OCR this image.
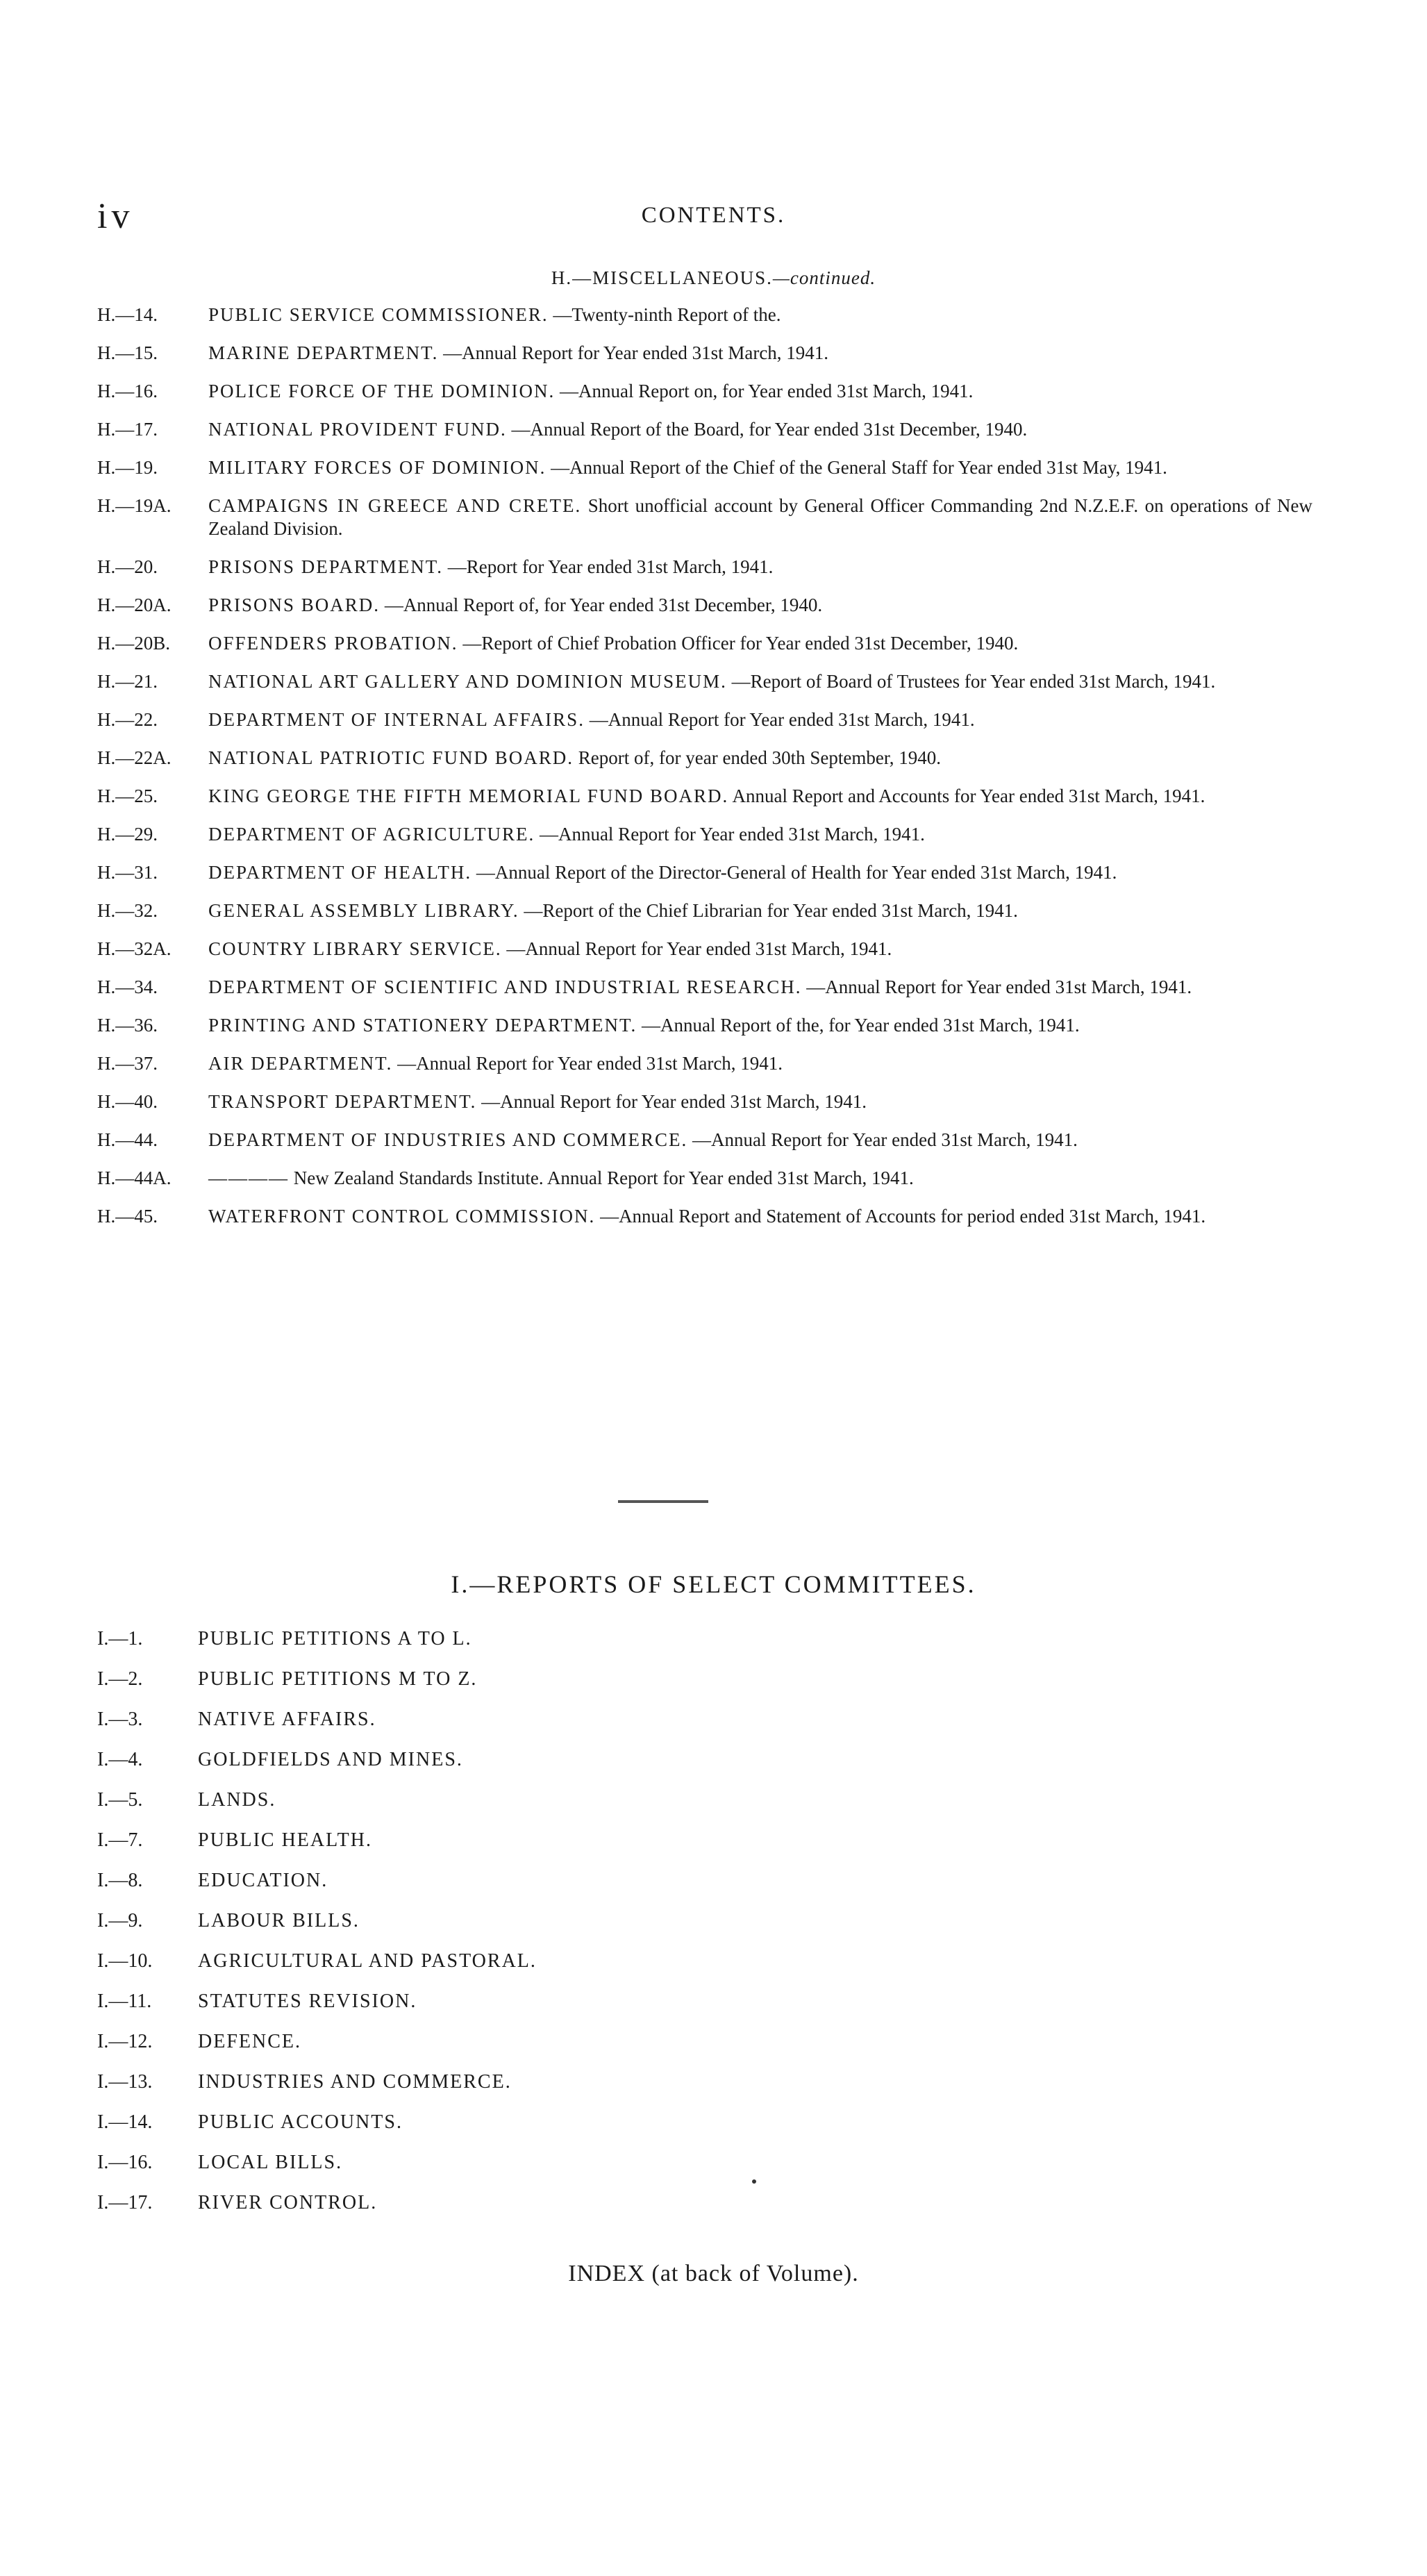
iv	CONTENTS.
H.—MISCELLANEOUS.—continued.
H.—14.	PUBLIC SERVICE COMMISSIONER. —Twenty-ninth Report of the.
H.—15.	MARINE DEPARTMENT. —Annual Report for Year ended 31st March, 1941.
H.—16.	POLICE FORCE OF THE DOMINION. —Annual Report on, for Year ended 31st March, 1941.
H.—17.	NATIONAL PROVIDENT FUND. —Annual Report of the Board, for Year ended 31st December, 1940.
H.—19.	MILITARY FORCES OF DOMINION. —Annual Report of the Chief of the General Staff for Year ended 31st May, 1941.
H.—19A.	CAMPAIGNS IN GREECE AND CRETE. Short unofficial account by General Officer Commanding 2nd N.Z.E.F. on operations of New Zealand Division.
H.—20.	PRISONS DEPARTMENT. —Report for Year ended 31st March, 1941.
H.—20A.	PRISONS BOARD. —Annual Report of, for Year ended 31st December, 1940.
H.—20B.	OFFENDERS PROBATION. —Report of Chief Probation Officer for Year ended 31st December, 1940.
H.—21.	NATIONAL ART GALLERY AND DOMINION MUSEUM. —Report of Board of Trustees for Year ended 31st March, 1941.
H.—22.	DEPARTMENT OF INTERNAL AFFAIRS. —Annual Report for Year ended 31st March, 1941.
H.—22A.	NATIONAL PATRIOTIC FUND BOARD. Report of, for year ended 30th September, 1940.
H.—25.	KING GEORGE THE FIFTH MEMORIAL FUND BOARD. Annual Report and Accounts for Year ended 31st March, 1941.
H.—29.	DEPARTMENT OF AGRICULTURE. —Annual Report for Year ended 31st March, 1941.
H.—31.	DEPARTMENT OF HEALTH. —Annual Report of the Director-General of Health for Year ended 31st March, 1941.
H.—32.	GENERAL ASSEMBLY LIBRARY. —Report of the Chief Librarian for Year ended 31st March, 1941.
H.—32A.	COUNTRY LIBRARY SERVICE. —Annual Report for Year ended 31st March, 1941.
H.—34.	DEPARTMENT OF SCIENTIFIC AND INDUSTRIAL RESEARCH. —Annual Report for Year ended 31st March, 1941.
H.—36.	PRINTING AND STATIONERY DEPARTMENT. —Annual Report of the, for Year ended 31st March, 1941.
H.—37.	AIR DEPARTMENT. —Annual Report for Year ended 31st March, 1941.
H.—40.	TRANSPORT DEPARTMENT. —Annual Report for Year ended 31st March, 1941.
H.—44.	DEPARTMENT OF INDUSTRIES AND COMMERCE. —Annual Report for Year ended 31st March, 1941.
H.—44A.	———— New Zealand Standards Institute. Annual Report for Year ended 31st March, 1941.
H.—45.	WATERFRONT CONTROL COMMISSION. —Annual Report and Statement of Accounts for period ended 31st March, 1941.
I.—REPORTS OF SELECT COMMITTEES.
I.—1.	PUBLIC PETITIONS A TO L.
I.—2.	PUBLIC PETITIONS M TO Z.
I.—3.	NATIVE AFFAIRS.
I.—4.	GOLDFIELDS AND MINES.
I.—5.	LANDS.
I.—7.	PUBLIC HEALTH.
I.—8.	EDUCATION.
I.—9.	LABOUR BILLS.
I.—10. AGRICULTURAL AND PASTORAL.
I.—11. STATUTES REVISION.
I.—12. DEFENCE.
I.—13. INDUSTRIES AND COMMERCE.
I.—14. PUBLIC ACCOUNTS.
I.—16. LOCAL BILLS.
I.—17. RIVER CONTROL.
INDEX (at back of Volume).
